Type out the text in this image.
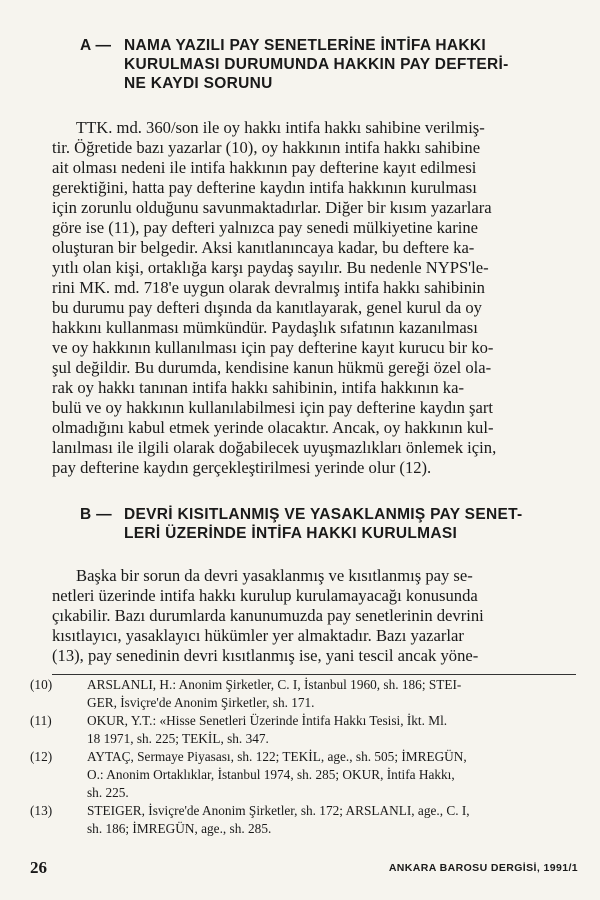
A — NAMA YAZILI PAY SENETLERİNE İNTİFA HAKKI
KURULMASI DURUMUNDA HAKKIN PAY DEFTERİ-
NE KAYDI SORUNU
TTK. md. 360/son ile oy hakkı intifa hakkı sahibine verilmiş-
tir. Öğretide bazı yazarlar (10), oy hakkının intifa hakkı sahibine
ait olması nedeni ile intifa hakkının pay defterine kayıt edilmesi
gerektiğini, hatta pay defterine kaydın intifa hakkının kurulması
için zorunlu olduğunu savunmaktadırlar. Diğer bir kısım yazarlara
göre ise (11), pay defteri yalnızca pay senedi mülkiyetine karine
oluşturan bir belgedir. Aksi kanıtlanıncaya kadar, bu deftere ka-
yıtlı olan kişi, ortaklığa karşı paydaş sayılır. Bu nedenle NYPS'le-
rini MK. md. 718'e uygun olarak devralmış intifa hakkı sahibinin
bu durumu pay defteri dışında da kanıtlayarak, genel kurul da oy
hakkını kullanması mümkündür. Paydaşlık sıfatının kazanılması
ve oy hakkının kullanılması için pay defterine kayıt kurucu bir ko-
şul değildir. Bu durumda, kendisine kanun hükmü gereği özel ola-
rak oy hakkı tanınan intifa hakkı sahibinin, intifa hakkının ka-
bulü ve oy hakkının kullanılabilmesi için pay defterine kaydın şart
olmadığını kabul etmek yerinde olacaktır. Ancak, oy hakkının kul-
lanılması ile ilgili olarak doğabilecek uyuşmazlıkları önlemek için,
pay defterine kaydın gerçekleştirilmesi yerinde olur (12).
B — DEVRİ KISITLANMIŞ VE YASAKLANMIŞ PAY SENET-
LERİ ÜZERİNDE İNTİFA HAKKI KURULMASI
Başka bir sorun da devri yasaklanmış ve kısıtlanmış pay se-
netleri üzerinde intifa hakkı kurulup kurulamayacağı konusunda
çıkabilir. Bazı durumlarda kanunumuzda pay senetlerinin devrini
kısıtlayıcı, yasaklayıcı hükümler yer almaktadır. Bazı yazarlar
(13), pay senedinin devri kısıtlanmış ise, yani tescil ancak yöne-
(10)	ARSLANLI, H.: Anonim Şirketler, C. I, İstanbul 1960, sh. 186; STEI-
GER, İsviçre'de Anonim Şirketler, sh. 171.
(11)	OKUR, Y.T.: «Hisse Senetleri Üzerinde İntifa Hakkı Tesisi, İkt. Ml.
18 1971, sh. 225; TEKİL, sh. 347.
(12)	AYTAÇ, Sermaye Piyasası, sh. 122; TEKİL, age., sh. 505; İMREGÜN,
O.: Anonim Ortaklıklar, İstanbul 1974, sh. 285; OKUR, İntifa Hakkı,
sh. 225.
(13)	STEIGER, İsviçre'de Anonim Şirketler, sh. 172; ARSLANLI, age., C. I,
sh. 186; İMREGÜN, age., sh. 285.
26	ANKARA BAROSU DERGİSİ, 1991/1
